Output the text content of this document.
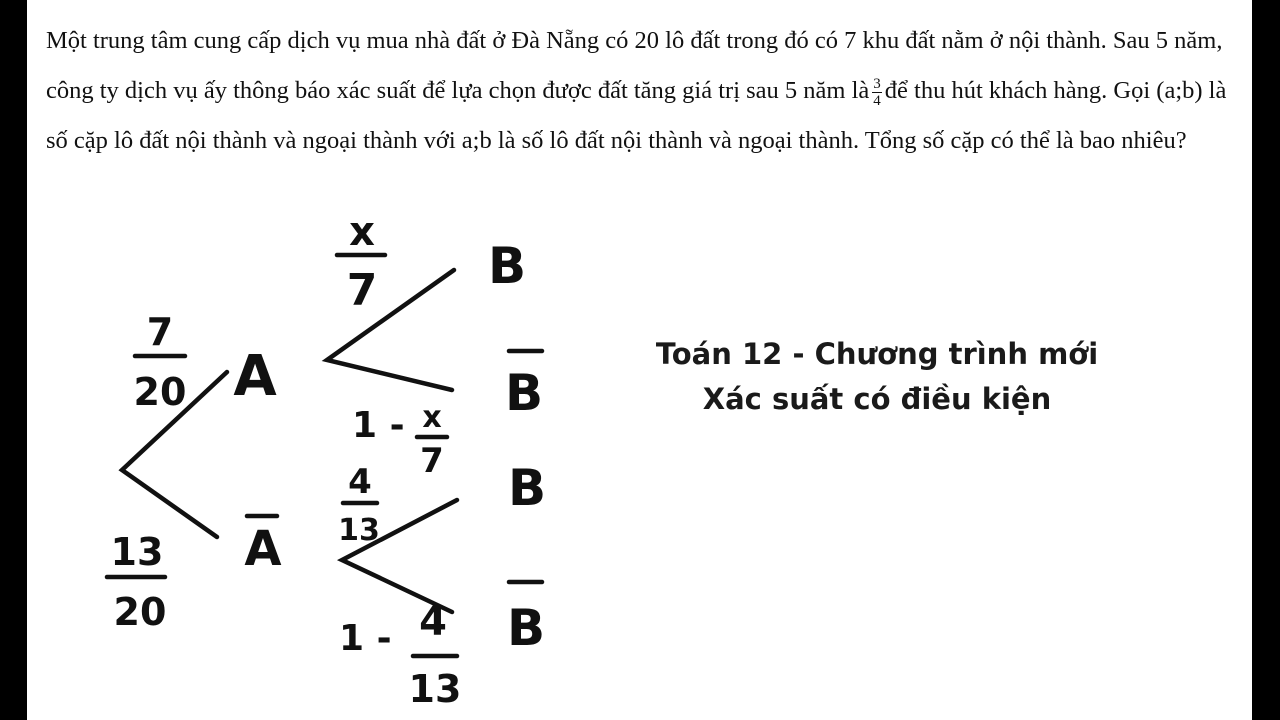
Một trung tâm cung cấp dịch vụ mua nhà đất ở Đà Nẵng có 20 lô đất trong đó có 7 khu đất nằm ở nội thành. Sau 5 năm, công ty dịch vụ ấy thông báo xác suất để lựa chọn được đất tăng giá trị sau 5 năm là $\frac{3}{4}$ để thu hút khách hàng. Gọi (a;b) là số cặp lô đất nội thành và ngoại thành với a;b là số lô đất nội thành và ngoại thành. Tổng số cặp có thể là bao nhiêu?

7
20
13
20
A
A
x
7
1 - x
7
4
13
1 - 4
13
B
B
B
B
Toán 12 - Chương trình mới
Xác suất có điều kiện
